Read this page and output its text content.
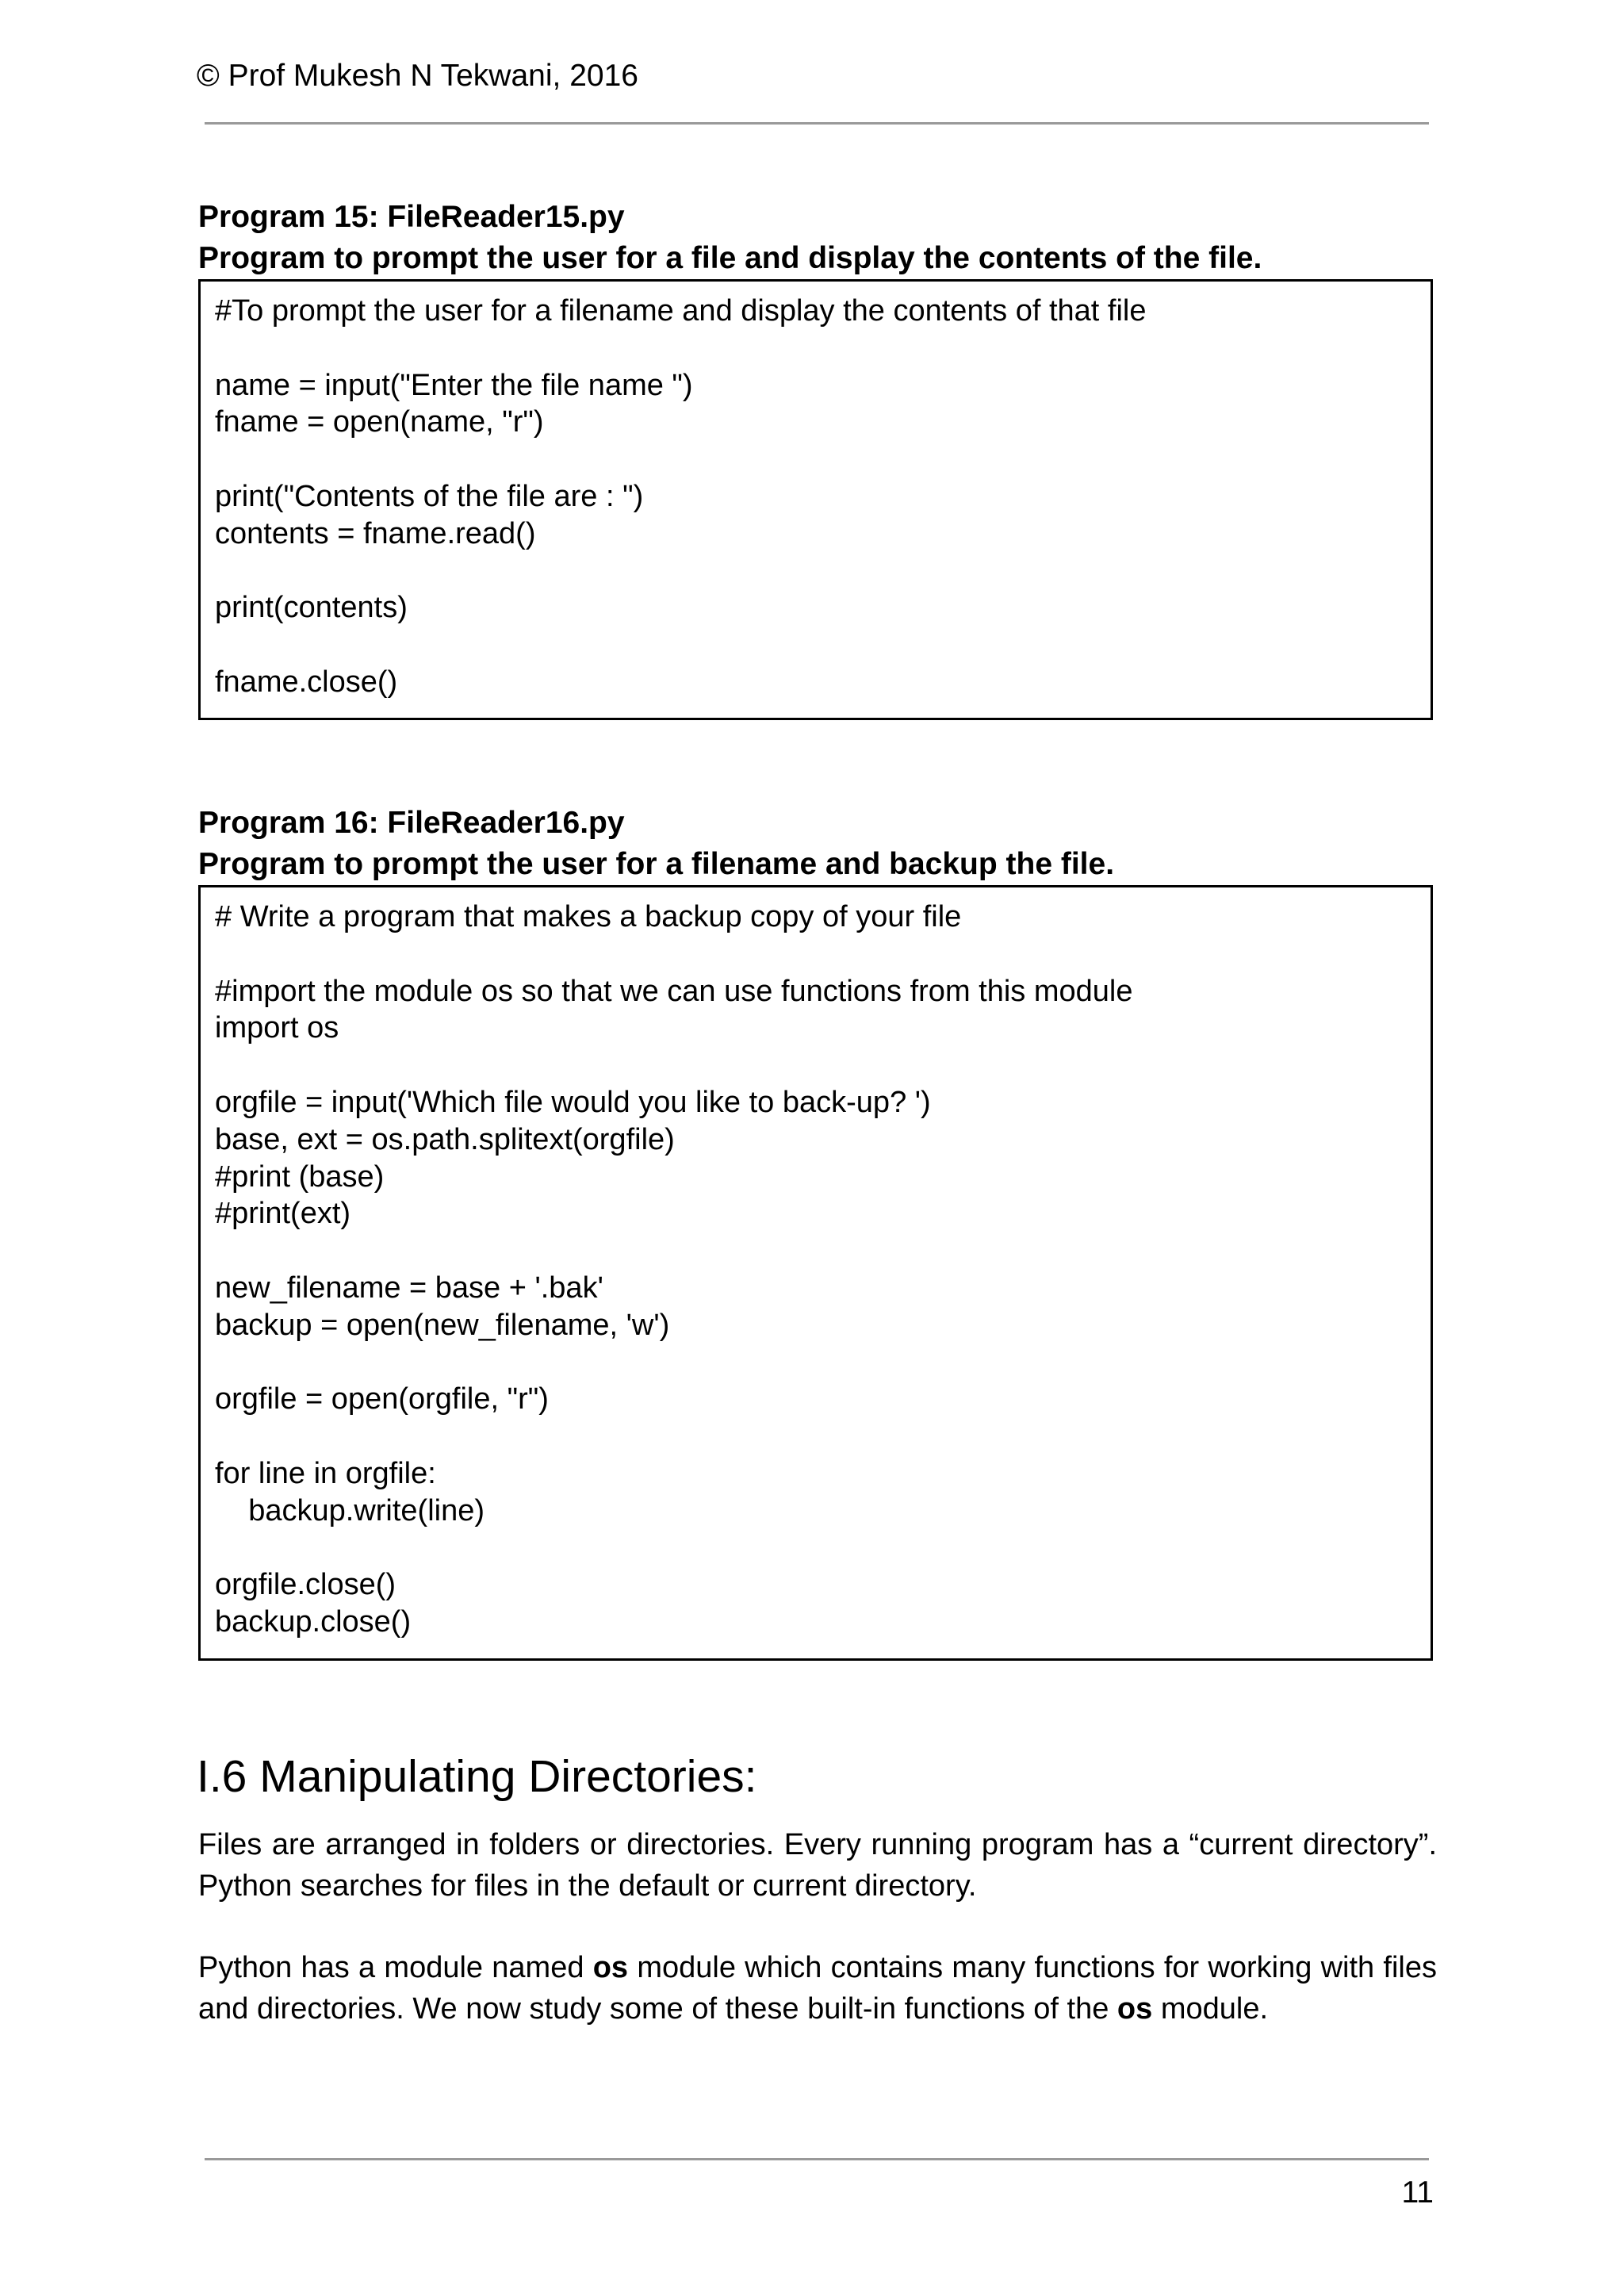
© Prof Mukesh N Tekwani, 2016
Program 15: FileReader15.py
Program to prompt the user for a file and display the contents of the file.
#To prompt the user for a filename and display the contents of that file
name = input("Enter the file name ")
fname = open(name, "r")
print("Contents of the file are : ")
contents = fname.read()
print(contents)
fname.close()
Program 16: FileReader16.py
Program to prompt the user for a filename and backup the file.
# Write a program that makes a backup copy of your file
#import the module os so that we can use functions from this module
import os
orgfile = input('Which file would you like to back-up? ')
base, ext = os.path.splitext(orgfile)
#print (base)
#print(ext)
new_filename = base + '.bak'
backup = open(new_filename, 'w')
orgfile = open(orgfile, "r")
for line in orgfile:
backup.write(line)
orgfile.close()
backup.close()
I.6 Manipulating Directories:
Files are arranged in folders or directories. Every running program has a “current directory”. Python searches for files in the default or current directory.
Python has a module named os module which contains many functions for working with files and directories. We now study some of these built-in functions of the os module.
11
